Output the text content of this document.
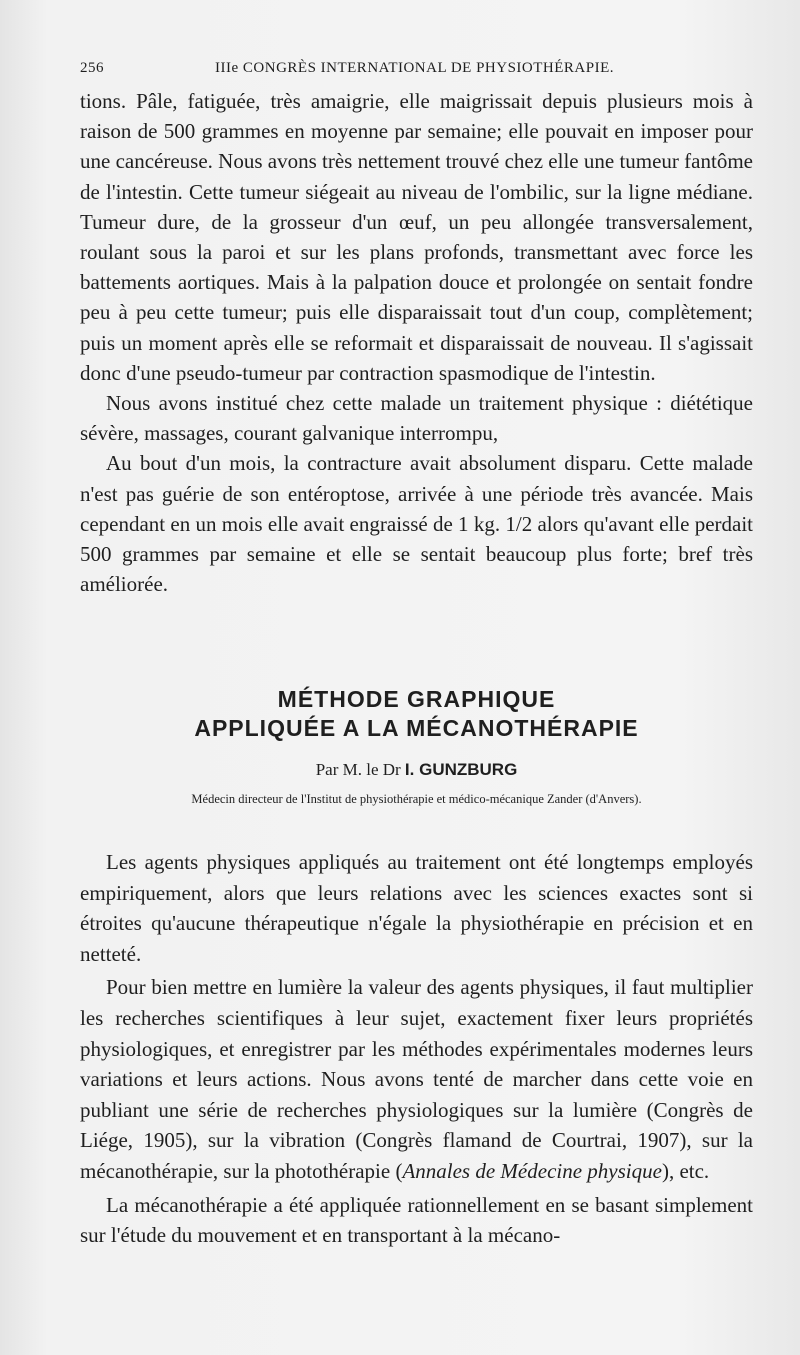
256	IIIe CONGRÈS INTERNATIONAL DE PHYSIOTHÉRAPIE.

tions. Pâle, fatiguée, très amaigrie, elle maigrissait depuis plusieurs mois à raison de 500 grammes en moyenne par semaine; elle pouvait en imposer pour une cancéreuse. Nous avons très nettement trouvé chez elle une tumeur fantôme de l'intestin. Cette tumeur siégeait au niveau de l'ombilic, sur la ligne médiane. Tumeur dure, de la grosseur d'un œuf, un peu allongée transversalement, roulant sous la paroi et sur les plans profonds, transmettant avec force les battements aortiques. Mais à la palpation douce et prolongée on sentait fondre peu à peu cette tumeur; puis elle disparaissait tout d'un coup, complètement; puis un moment après elle se reformait et disparaissait de nouveau. Il s'agissait donc d'une pseudo-tumeur par contraction spasmodique de l'intestin.

Nous avons institué chez cette malade un traitement physique : diététique sévère, massages, courant galvanique interrompu,

Au bout d'un mois, la contracture avait absolument disparu. Cette malade n'est pas guérie de son entéroptose, arrivée à une période très avancée. Mais cependant en un mois elle avait engraissé de 1 kg. 1/2 alors qu'avant elle perdait 500 grammes par semaine et elle se sentait beaucoup plus forte; bref très améliorée.

MÉTHODE GRAPHIQUE
APPLIQUÉE A LA MÉCANOTHÉRAPIE
Par M. le Dr I. GUNZBURG
Médecin directeur de l'Institut de physiothérapie et médico-mécanique Zander (d'Anvers).

Les agents physiques appliqués au traitement ont été longtemps employés empiriquement, alors que leurs relations avec les sciences exactes sont si étroites qu'aucune thérapeutique n'égale la physiothérapie en précision et en netteté.

Pour bien mettre en lumière la valeur des agents physiques, il faut multiplier les recherches scientifiques à leur sujet, exactement fixer leurs propriétés physiologiques, et enregistrer par les méthodes expérimentales modernes leurs variations et leurs actions. Nous avons tenté de marcher dans cette voie en publiant une série de recherches physiologiques sur la lumière (Congrès de Liége, 1905), sur la vibration (Congrès flamand de Courtrai, 1907), sur la mécanothérapie, sur la photothérapie (Annales de Médecine physique), etc.

La mécanothérapie a été appliquée rationnellement en se basant simplement sur l'étude du mouvement et en transportant à la mécano-
